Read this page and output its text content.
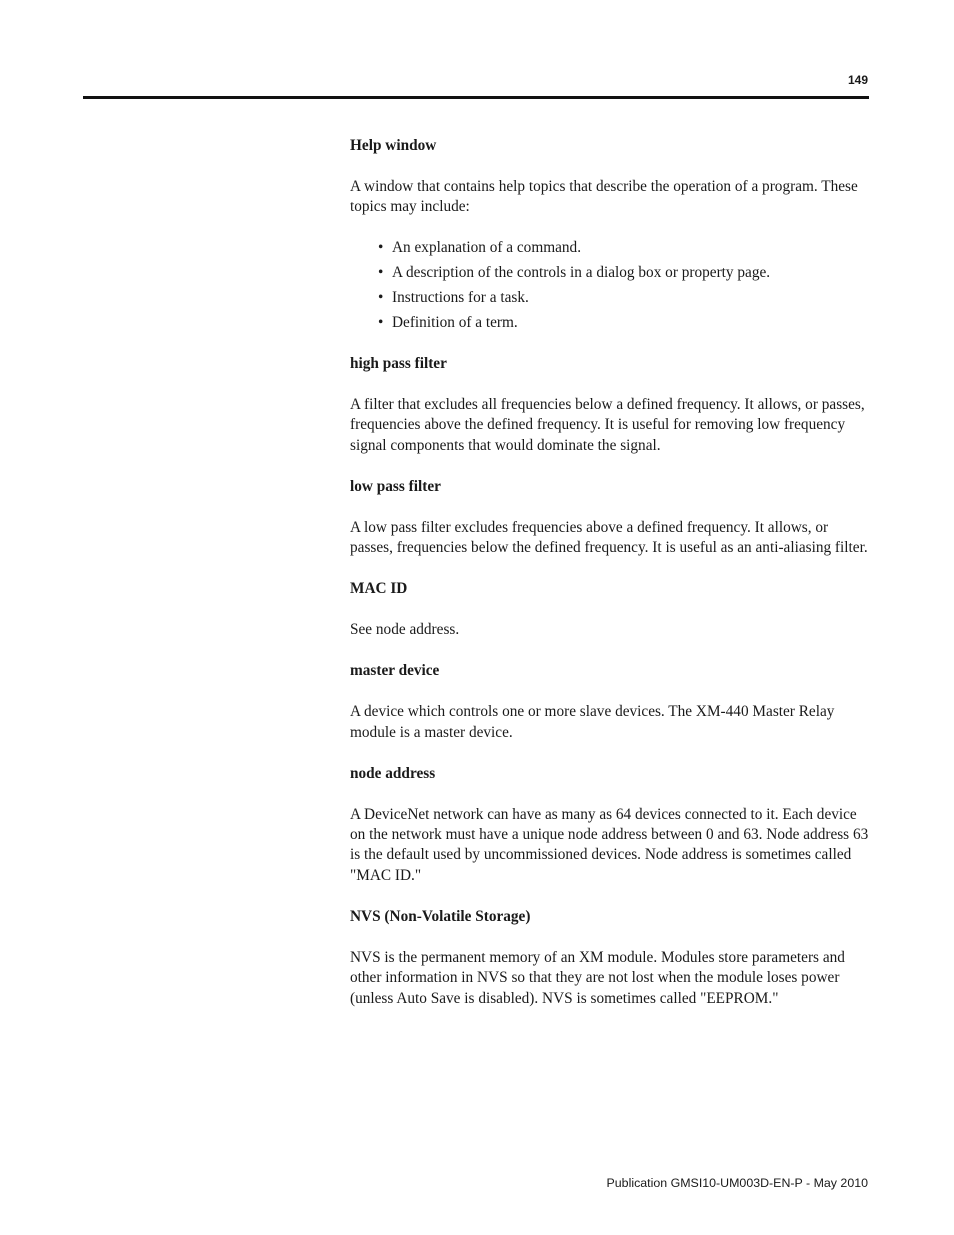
149

Help window

A window that contains help topics that describe the operation of a program. These topics may include:

• An explanation of a command.
• A description of the controls in a dialog box or property page.
• Instructions for a task.
• Definition of a term.

high pass filter

A filter that excludes all frequencies below a defined frequency. It allows, or passes, frequencies above the defined frequency. It is useful for removing low frequency signal components that would dominate the signal.

low pass filter

A low pass filter excludes frequencies above a defined frequency. It allows, or passes, frequencies below the defined frequency. It is useful as an anti-aliasing filter.

MAC ID

See node address.

master device

A device which controls one or more slave devices. The XM-440 Master Relay module is a master device.

node address

A DeviceNet network can have as many as 64 devices connected to it. Each device on the network must have a unique node address between 0 and 63. Node address 63 is the default used by uncommissioned devices. Node address is sometimes called "MAC ID."

NVS (Non-Volatile Storage)

NVS is the permanent memory of an XM module. Modules store parameters and other information in NVS so that they are not lost when the module loses power (unless Auto Save is disabled). NVS is sometimes called "EEPROM."

Publication GMSI10-UM003D-EN-P - May 2010
